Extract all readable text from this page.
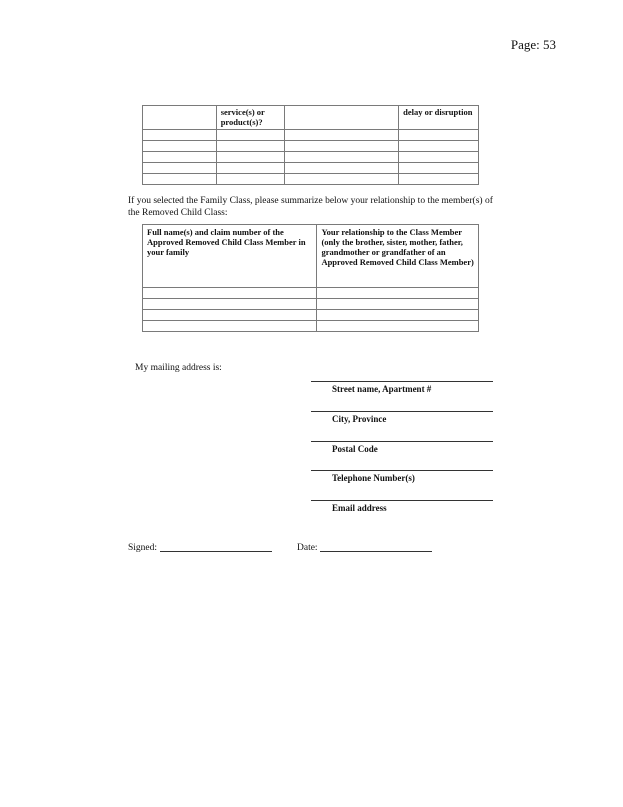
Page: 53
	service(s) or product(s)?		delay or disruption

If you selected the Family Class, please summarize below your relationship to the member(s) of the Removed Child Class:
Full name(s) and claim number of the Approved Removed Child Class Member in your family	Your relationship to the Class Member (only the brother, sister, mother, father, grandmother or grandfather of an Approved Removed Child Class Member)

My mailing address is:
Street name, Apartment #
City, Province
Postal Code
Telephone Number(s)
Email address
Signed:	Date:
